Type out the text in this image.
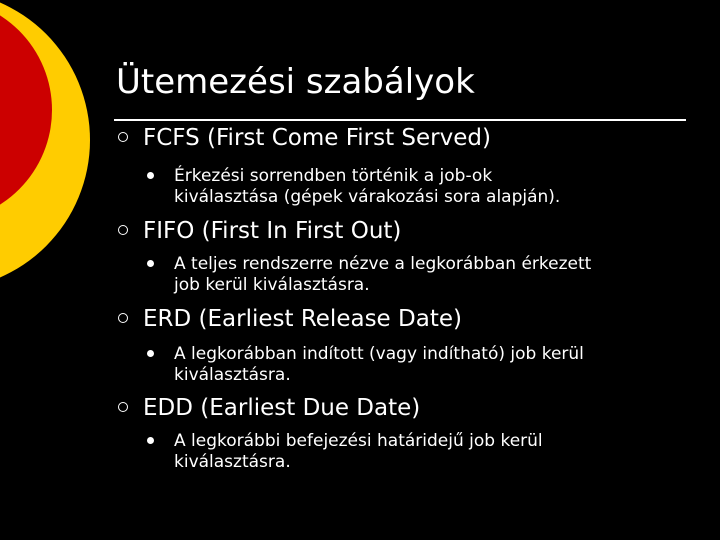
Ütemezési szabályok
FCFS (First Come First Served)
Érkezési sorrendben történik a job-ok
kiválasztása (gépek várakozási sora alapján).
FIFO (First In First Out)
A teljes rendszerre nézve a legkorábban érkezett
job kerül kiválasztásra.
ERD (Earliest Release Date)
A legkorábban indított (vagy indítható) job kerül
kiválasztásra.
EDD (Earliest Due Date)
A legkorábbi befejezési határidejű job kerül
kiválasztásra.
